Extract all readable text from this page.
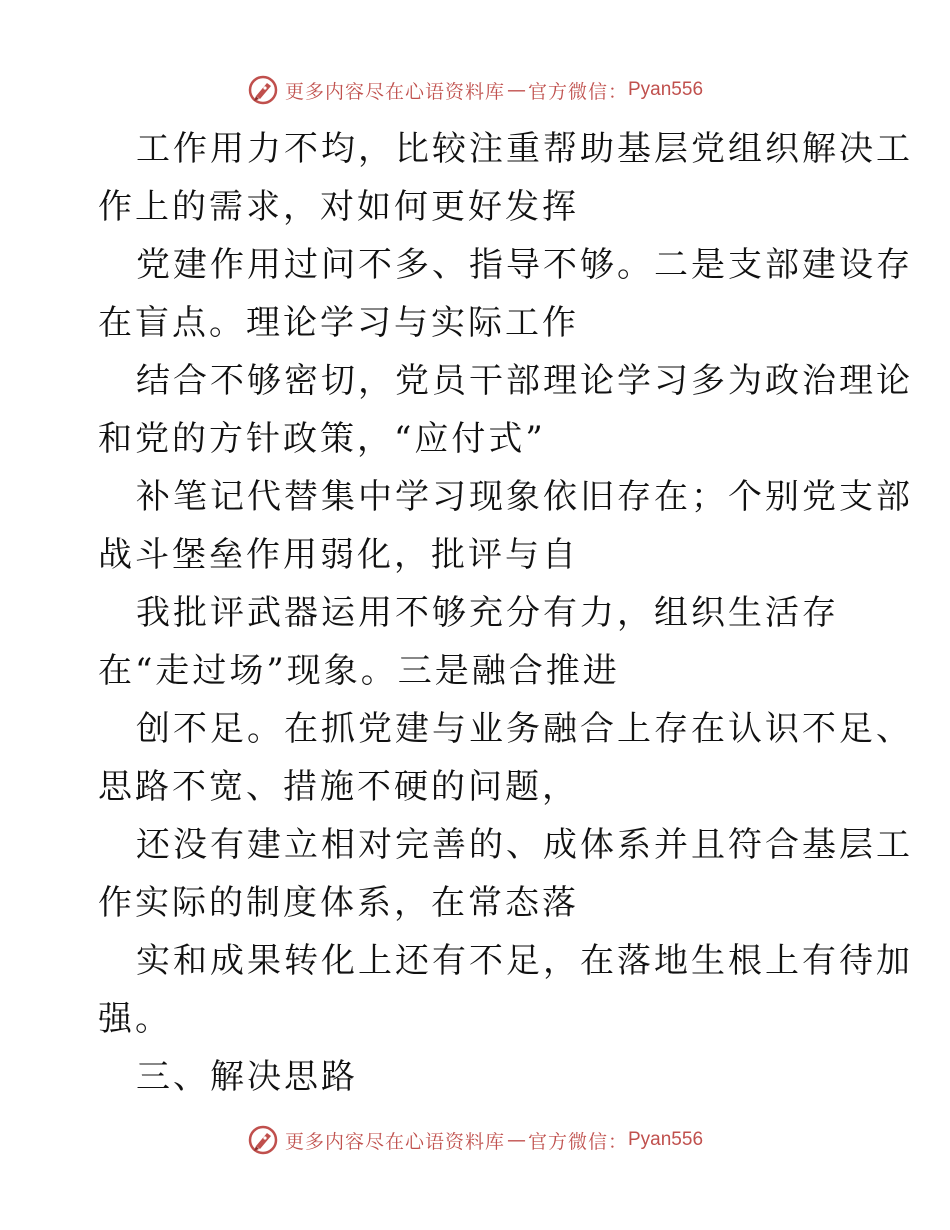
更多内容尽在心语资料库 — 官方微信： Pyan556
工作用力不均，比较注重帮助基层党组织解决工
作上的需求，对如何更好发挥
党建作用过问不多、指导不够。二是支部建设存
在盲点。理论学习与实际工作
结合不够密切，党员干部理论学习多为政治理论
和党的方针政策，“应付式”
补笔记代替集中学习现象依旧存在；个别党支部
战斗堡垒作用弱化，批评与自
我批评武器运用不够充分有力，组织生活存
在“走过场”现象。三是融合推进
创不足。在抓党建与业务融合上存在认识不足、
思路不宽、措施不硬的问题，
还没有建立相对完善的、成体系并且符合基层工
作实际的制度体系，在常态落
实和成果转化上还有不足，在落地生根上有待加
强。
三、解决思路
更多内容尽在心语资料库 — 官方微信： Pyan556
